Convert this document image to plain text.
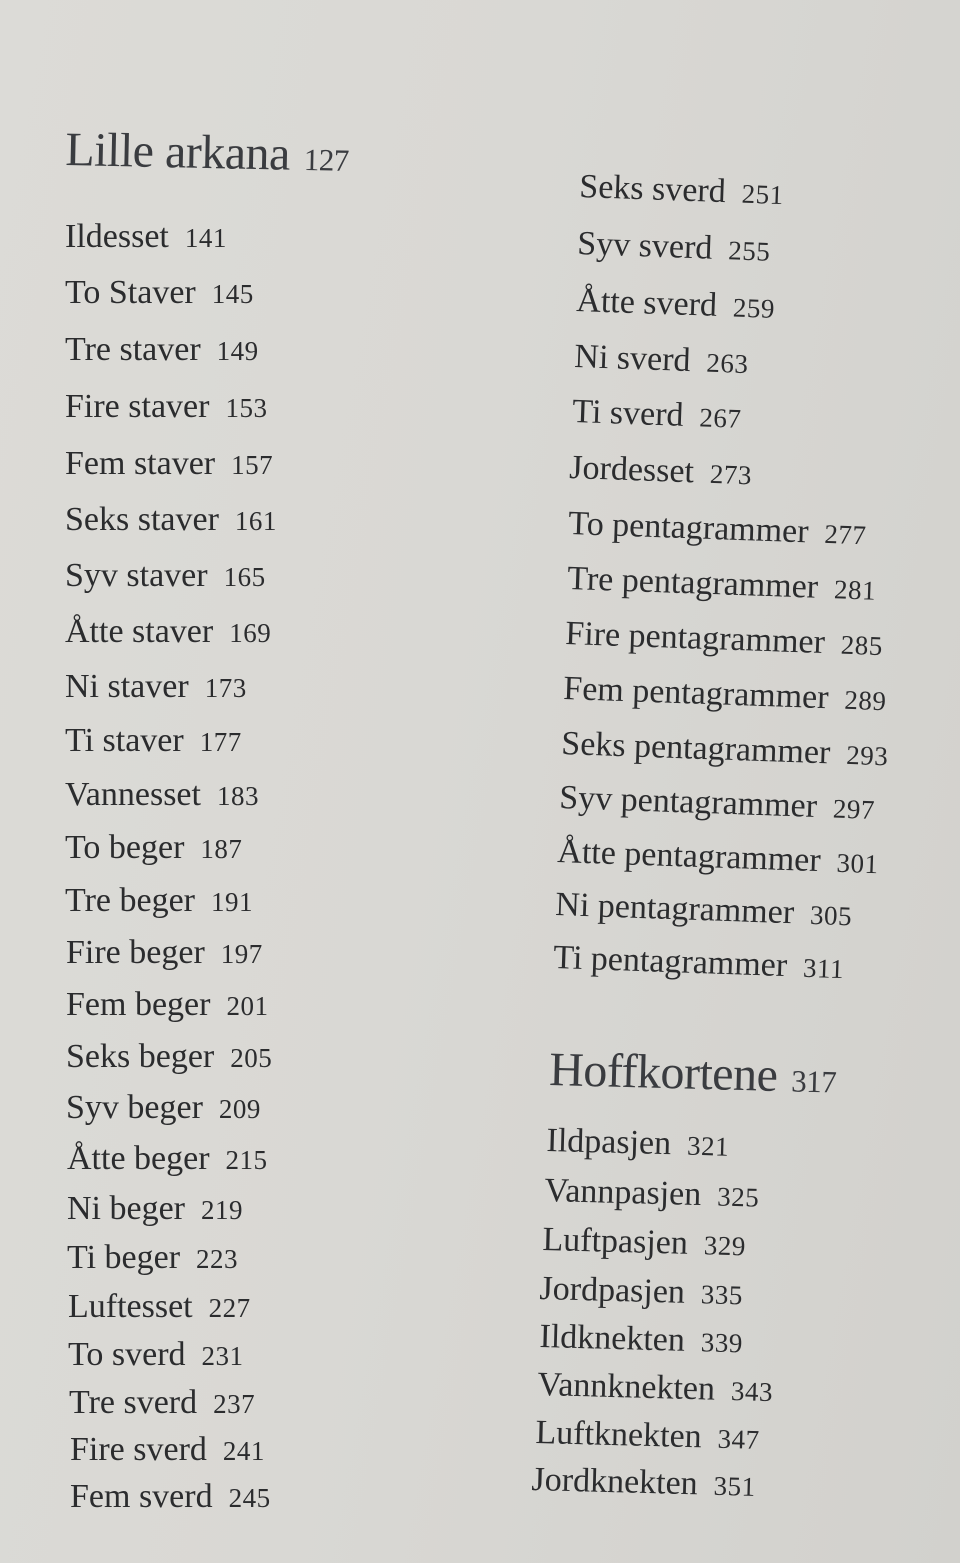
Lille arkana 127
Ildesset 141
To Staver 145
Tre staver 149
Fire staver 153
Fem staver 157
Seks staver 161
Syv staver 165
Åtte staver 169
Ni staver 173
Ti staver 177
Vannesset 183
To beger 187
Tre beger 191
Fire beger 197
Fem beger 201
Seks beger 205
Syv beger 209
Åtte beger 215
Ni beger 219
Ti beger 223
Luftesset 227
To sverd 231
Tre sverd 237
Fire sverd 241
Fem sverd 245
Seks sverd 251
Syv sverd 255
Åtte sverd 259
Ni sverd 263
Ti sverd 267
Jordesset 273
To pentagrammer 277
Tre pentagrammer 281
Fire pentagrammer 285
Fem pentagrammer 289
Seks pentagrammer 293
Syv pentagrammer 297
Åtte pentagrammer 301
Ni pentagrammer 305
Ti pentagrammer 311
Hoffkortene 317
Ildpasjen 321
Vannpasjen 325
Luftpasjen 329
Jordpasjen 335
Ildknekten 339
Vannknekten 343
Luftknekten 347
Jordknekten 351
